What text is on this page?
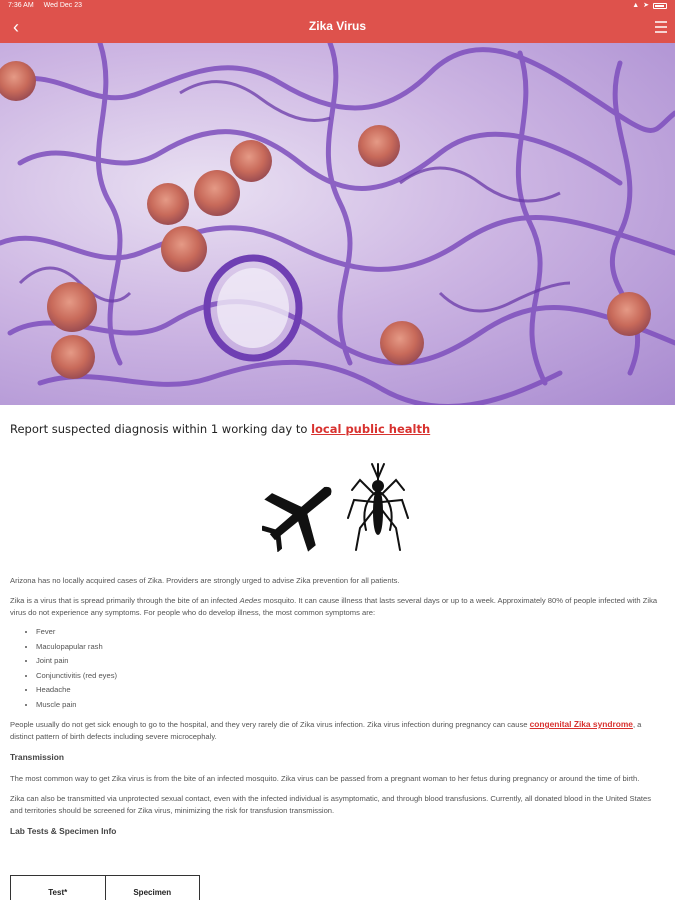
7:36 AM Wed Dec 23	▲ ➤
‹	Zika Virus
Report suspected diagnosis within 1 working day to local public health

Arizona has no locally acquired cases of Zika. Providers are strongly urged to advise Zika prevention for all patients.

Zika is a virus that is spread primarily through the bite of an infected Aedes mosquito. It can cause illness that lasts several days or up to a week. Approximately 80% of people infected with Zika virus do not experience any symptoms. For people who do develop illness, the most common symptoms are:

• Fever
• Maculopapular rash
• Joint pain
• Conjunctivitis (red eyes)
• Headache
• Muscle pain

People usually do not get sick enough to go to the hospital, and they very rarely die of Zika virus infection. Zika virus infection during pregnancy can cause congenital Zika syndrome, a distinct pattern of birth defects including severe microcephaly.

Transmission

The most common way to get Zika virus is from the bite of an infected mosquito. Zika virus can be passed from a pregnant woman to her fetus during pregnancy or around the time of birth.

Zika can also be transmitted via unprotected sexual contact, even with the infected individual is asymptomatic, and through blood transfusions. Currently, all donated blood in the United States and territories should be screened for Zika virus, minimizing the risk for transfusion transmission.

Lab Tests & Specimen Info
Test*	Specimen
